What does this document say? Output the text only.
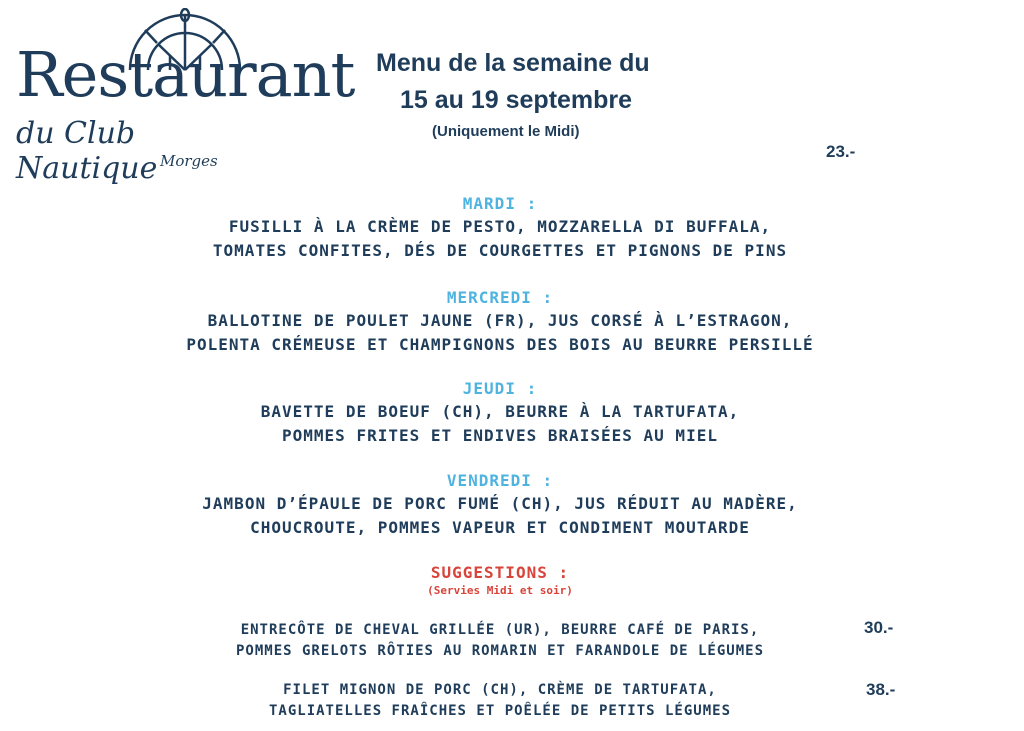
Restaurant
du Club Nautique Morges
Menu de la semaine du
15 au 19 septembre
(Uniquement le Midi)
23.-
MARDI :
FUSILLI À LA CRÈME DE PESTO, MOZZARELLA DI BUFFALA,
TOMATES CONFITES, DÉS DE COURGETTES ET PIGNONS DE PINS
MERCREDI :
BALLOTINE DE POULET JAUNE (FR), JUS CORSÉ À L’ESTRAGON,
POLENTA CRÉMEUSE ET CHAMPIGNONS DES BOIS AU BEURRE PERSILLÉ
JEUDI :
BAVETTE DE BOEUF (CH), BEURRE À LA TARTUFATA,
POMMES FRITES ET ENDIVES BRAISÉES AU MIEL
VENDREDI :
JAMBON D’ÉPAULE DE PORC FUMÉ (CH), JUS RÉDUIT AU MADÈRE,
CHOUCROUTE, POMMES VAPEUR ET CONDIMENT MOUTARDE
SUGGESTIONS :
(Servies Midi et soir)
ENTRECÔTE DE CHEVAL GRILLÉE (UR), BEURRE CAFÉ DE PARIS,
POMMES GRELOTS RÔTIES AU ROMARIN ET FARANDOLE DE LÉGUMES
30.-
FILET MIGNON DE PORC (CH), CRÈME DE TARTUFATA,
TAGLIATELLES FRAÎCHES ET POÊLÉE DE PETITS LÉGUMES
38.-
